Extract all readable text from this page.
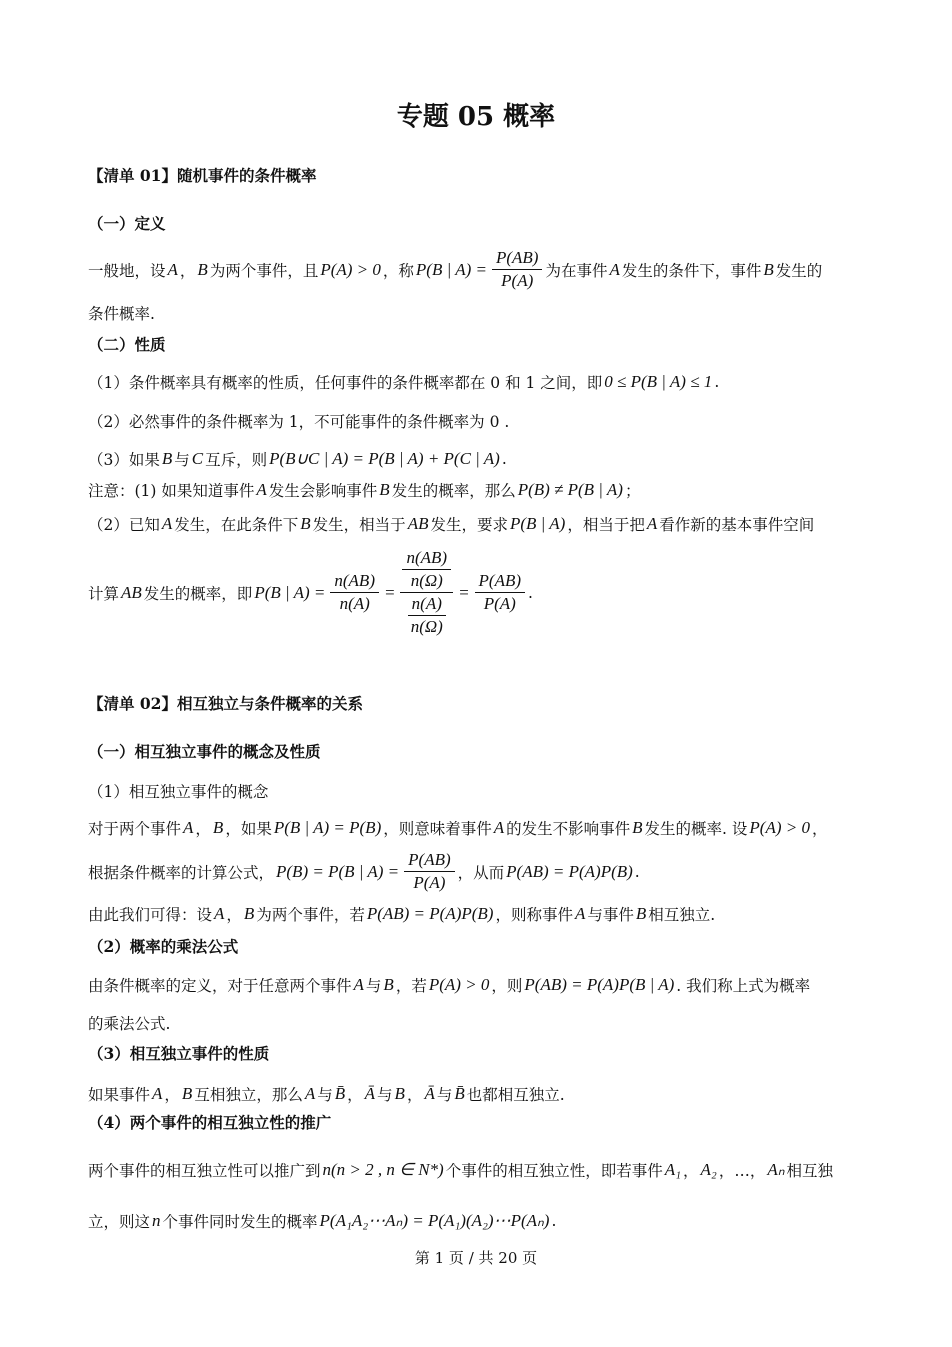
第 1 页 / 共 20 页
专题 05 概率
【清单 01】随机事件的条件概率
（一）定义
一般地，设 A ， B 为两个事件，且 P(A) > 0 ，称 P(B | $A) = \frac{P(AB)}{P(A)}$ 为在事件 A 发生的条件下，事件 B 发生的
条件概率.
（二）性质
（1）条件概率具有概率的性质，任何事件的条件概率都在 0 和 1 之间，即 0 ≤ P(B | A) ≤ 1 .
（2）必然事件的条件概率为 1，不可能事件的条件概率为 0 .
（3）如果 B 与 C 互斥，则 P(B∪C | A) = P(B | A) + P(C | A) .
注意：(1) 如果知道事件 A 发生会影响事件 B 发生的概率，那么 P(B) ≠ P(B | A) ；
（2）已知 A 发生，在此条件下 B 发生，相当于 AB 发生，要求 P(B | A) ，相当于把 A 看作新的基本事件空间
计算 AB 发生的概率，即 P(B | $A) = \frac{n(AB)}{n(A)} = \frac{\frac{n(AB)}{n(\Omega)}}{\frac{n(A)}{n(\Omega)}} = \frac{P(AB)}{P(A)}$ .
【清单 02】相互独立与条件概率的关系
（一）相互独立事件的概念及性质
（1）相互独立事件的概念
对于两个事件 A ， B ，如果 P(B | A) = P(B) ，则意味着事件 A 的发生不影响事件 B 发生的概率. 设 P(A) > 0 ，
根据条件概率的计算公式， P(B) = P(B | $A) = \frac{P(AB)}{P(A)}$ ，从而 P(AB) = P(A)P(B) .
由此我们可得：设 A ， B 为两个事件，若 P(AB) = P(A)P(B) ，则称事件 A 与事件 B 相互独立.
（2）概率的乘法公式
由条件概率的定义，对于任意两个事件 A 与 B ，若 P(A) > 0 ，则 P(AB) = P(A)P(B | A) . 我们称上式为概率
的乘法公式.
（3）相互独立事件的性质
如果事件 A ， B 互相独立，那么 A 与 B̄ ， Ā 与 B ， Ā 与 B̄ 也都相互独立.
（4）两个事件的相互独立性的推广
两个事件的相互独立性可以推广到 n(n > 2 , n ∈ N*) 个事件的相互独立性，即若事件 A₁ ， A₂ ，…， Aₙ 相互独
立，则这 n 个事件同时发生的概率 P(A₁A₂⋯Aₙ) = P(A₁)(A₂)⋯P(Aₙ) .
